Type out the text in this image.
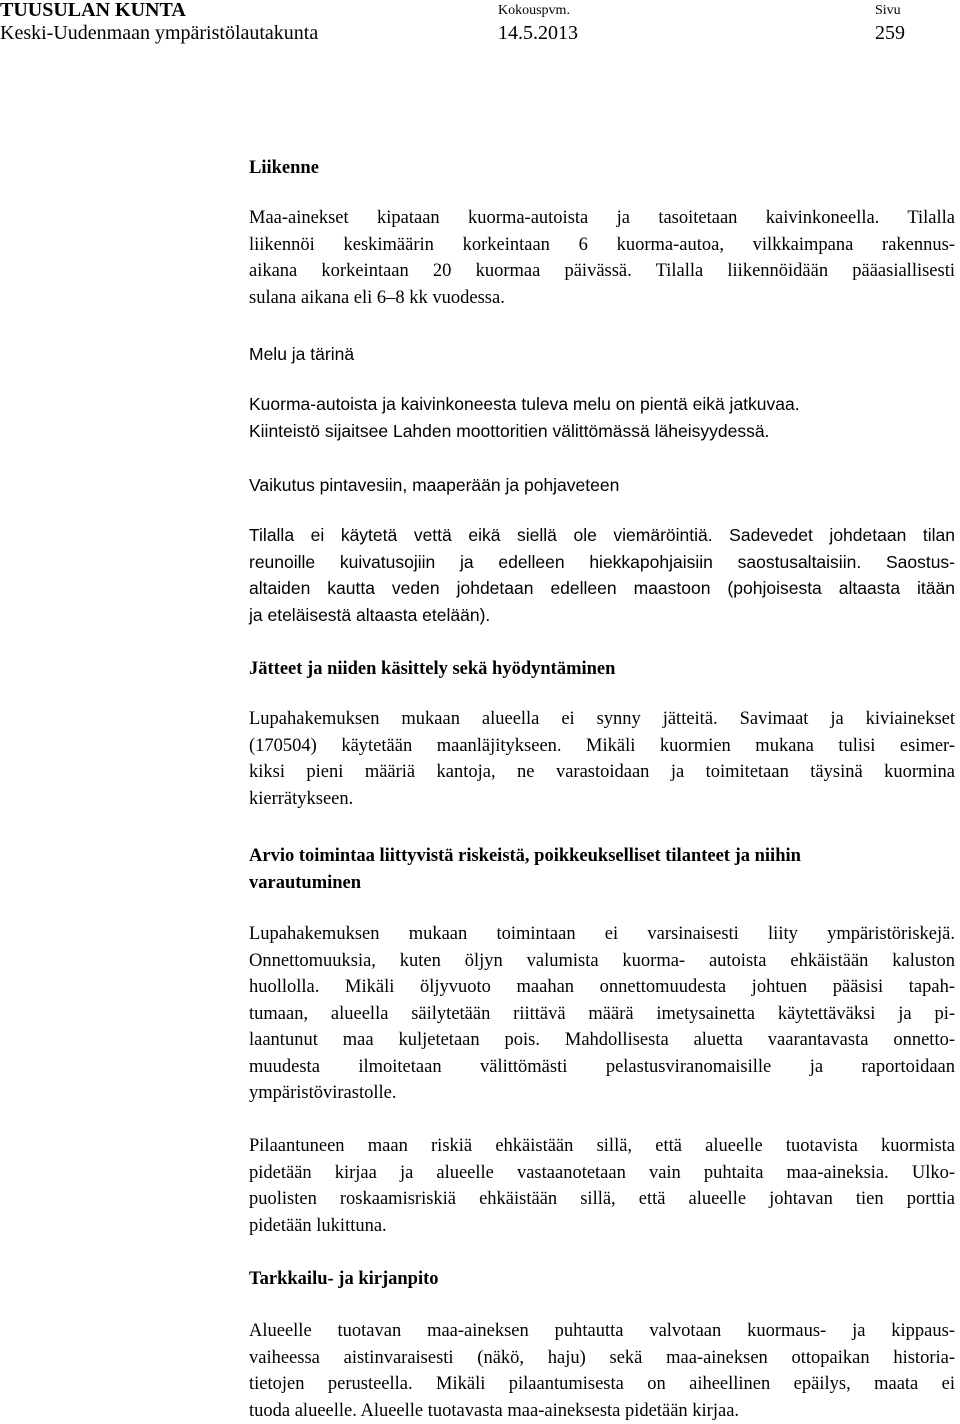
TUUSULAN KUNTA
Keski-Uudenmaan ympäristölautakunta
Kokouspvm.
14.5.2013
Sivu
259
Liikenne

Maa-ainekset kipataan kuorma-autoista ja tasoitetaan kaivinkoneella. Tilalla
liikennöi keskimäärin korkeintaan 6 kuorma-autoa, vilkkaimpana rakennus-
aikana korkeintaan 20 kuormaa päivässä. Tilalla liikennöidään pääasiallisesti
sulana aikana eli 6–8 kk vuodessa.

Melu ja tärinä

Kuorma-autoista ja kaivinkoneesta tuleva melu on pientä eikä jatkuvaa.
Kiinteistö sijaitsee Lahden moottoritien välittömässä läheisyydessä.

Vaikutus pintavesiin, maaperään ja pohjaveteen

Tilalla ei käytetä vettä eikä siellä ole viemäröintiä. Sadevedet johdetaan tilan
reunoille kuivatusojiin ja edelleen hiekkapohjaisiin saostusaltaisiin. Saostus-
altaiden kautta veden johdetaan edelleen maastoon (pohjoisesta altaasta itään
ja eteläisestä altaasta etelään).

Jätteet ja niiden käsittely sekä hyödyntäminen

Lupahakemuksen mukaan alueella ei synny jätteitä. Savimaat ja kiviainekset
(170504) käytetään maanläjitykseen. Mikäli kuormien mukana tulisi esimer-
kiksi pieni määriä kantoja, ne varastoidaan ja toimitetaan täysinä kuormina
kierrätykseen.

Arvio toimintaa liittyvistä riskeistä, poikkeukselliset tilanteet ja niihin
varautuminen

Lupahakemuksen mukaan toimintaan ei varsinaisesti liity ympäristöriskejä.
Onnettomuuksia, kuten öljyn valumista kuorma- autoista ehkäistään kaluston
huollolla. Mikäli öljyvuoto maahan onnettomuudesta johtuen pääsisi tapah-
tumaan, alueella säilytetään riittävä määrä imetysainetta käytettäväksi ja pi-
laantunut maa kuljetetaan pois. Mahdollisesta aluetta vaarantavasta onnetto-
muudesta ilmoitetaan välittömästi pelastusviranomaisille ja raportoidaan
ympäristövirastolle.

Pilaantuneen maan riskiä ehkäistään sillä, että alueelle tuotavista kuormista
pidetään kirjaa ja alueelle vastaanotetaan vain puhtaita maa-aineksia. Ulko-
puolisten roskaamisriskiä ehkäistään sillä, että alueelle johtavan tien porttia
pidetään lukittuna.

Tarkkailu- ja kirjanpito

Alueelle tuotavan maa-aineksen puhtautta valvotaan kuormaus- ja kippaus-
vaiheessa aistinvaraisesti (näkö, haju) sekä maa-aineksen ottopaikan historia-
tietojen perusteella. Mikäli pilaantumisesta on aiheellinen epäilys, maata ei
tuoda alueelle. Alueelle tuotavasta maa-aineksesta pidetään kirjaa.
